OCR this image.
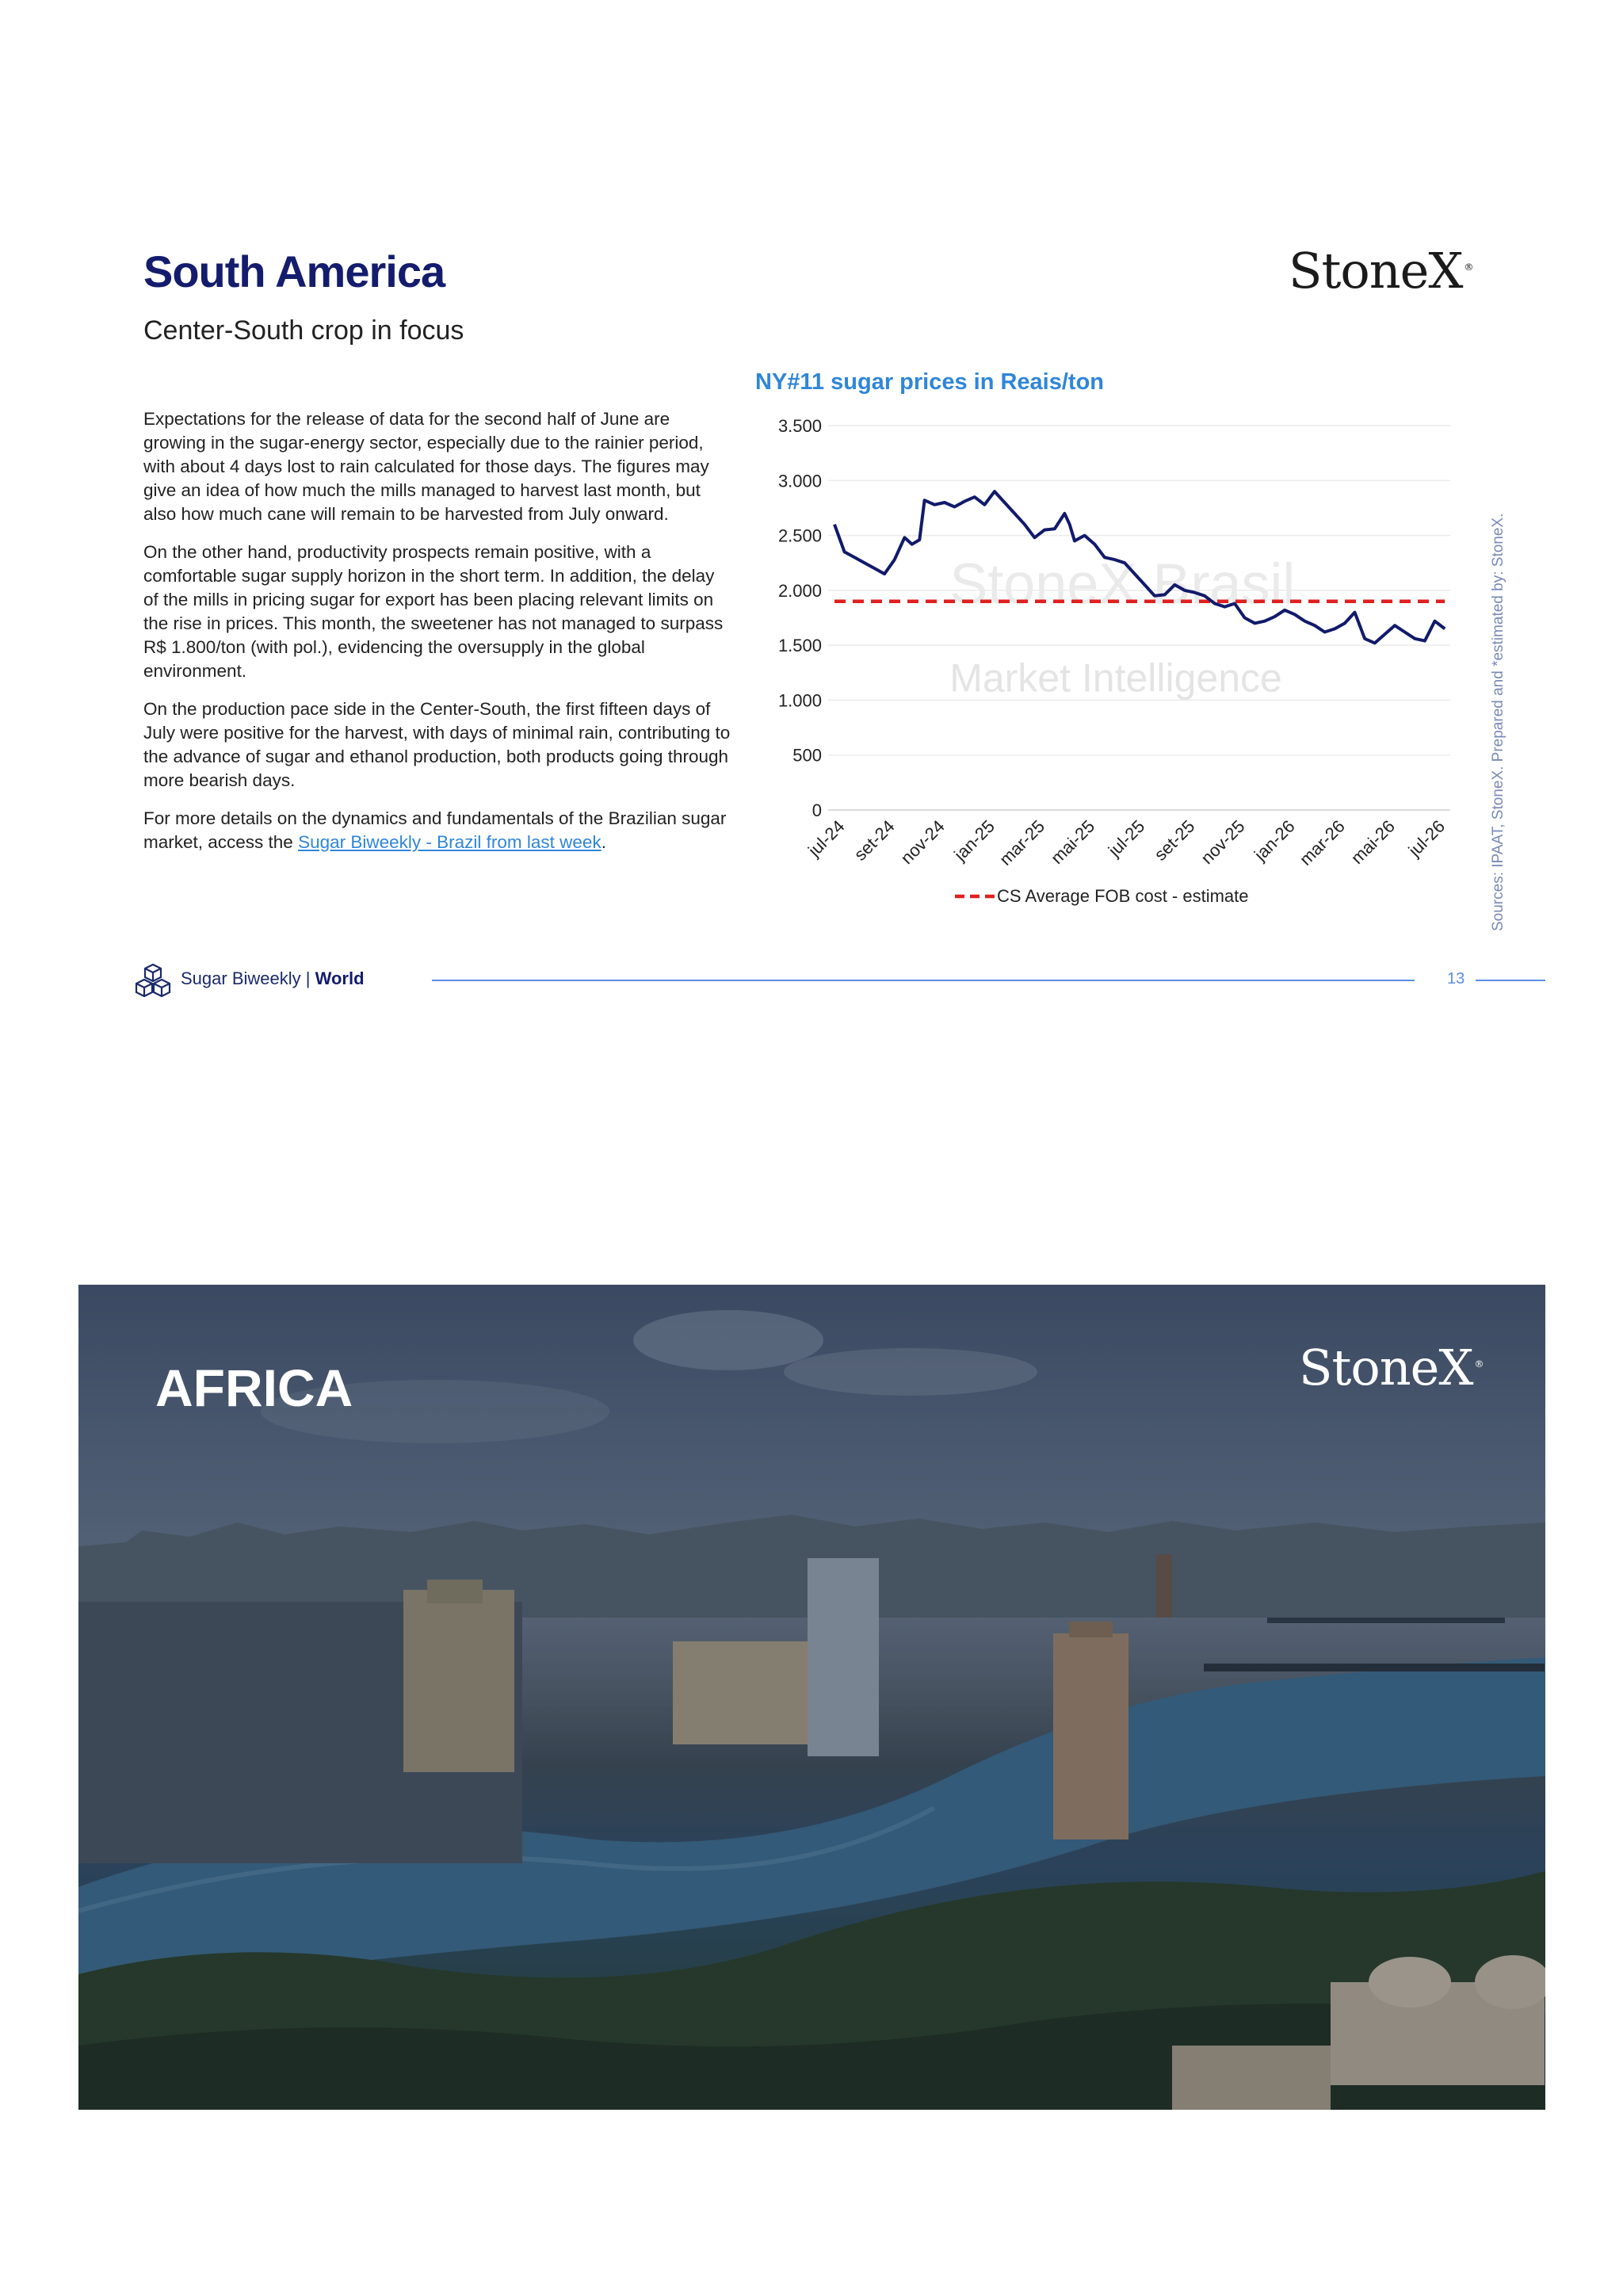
South America
Center-South crop in focus
StoneX ®

Expectations for the release of data for the second half of June are growing in the sugar-energy sector, especially due to the rainier period, with about 4 days lost to rain calculated for those days. The figures may give an idea of how much the mills managed to harvest last month, but also how much cane will remain to be harvested from July onward.

On the other hand, productivity prospects remain positive, with a comfortable sugar supply horizon in the short term. In addition, the delay of the mills in pricing sugar for export has been placing relevant limits on the rise in prices. This month, the sweetener has not managed to surpass R$ 1.800/ton (with pol.), evidencing the oversupply in the global environment.

On the production pace side in the Center-South, the first fifteen days of July were positive for the harvest, with days of minimal rain, contributing to the advance of sugar and ethanol production, both products going through more bearish days.

For more details on the dynamics and fundamentals of the Brazilian sugar market, access the Sugar Biweekly - Brazil from last week.

NY#11 sugar prices in Reais/ton
StoneX Brasil
Market Intelligence
0
500
1.000
1.500
2.000
2.500
3.000
3.500
jul-24 set-24
nov-24 jan-25
mar-25
mai-25 jul-25 set-25
nov-25 jan-26
mar-26
mai-26 jul-26
CS Average FOB cost - estimate	Sources: IPAAT, StoneX. Prepared and *estimated by: StoneX.
Sugar Biweekly | World	13
AFRICA	StoneX ®
